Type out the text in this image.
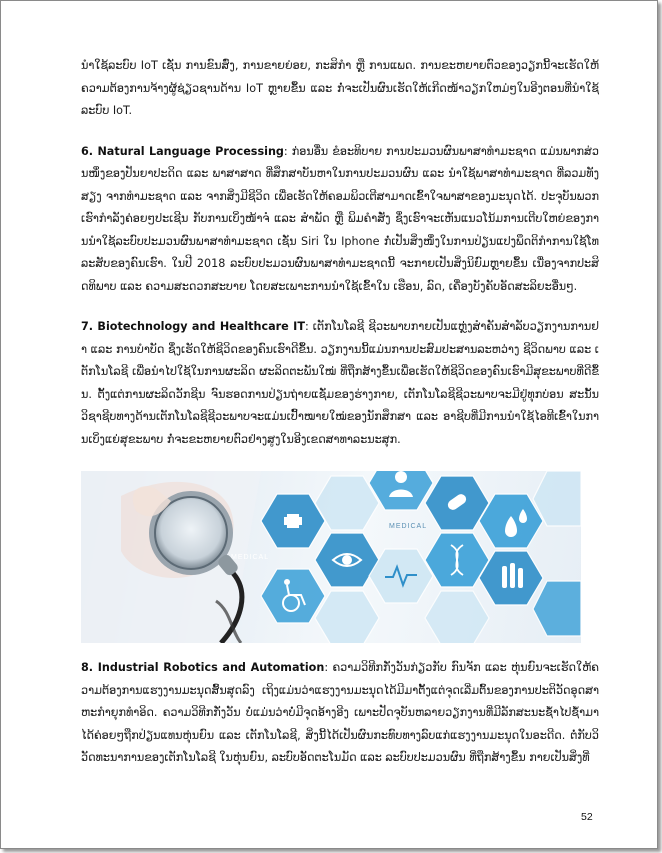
ນຳໃຊ້ລະບົບ IoT ເຊັ່ນ ການຂົນສົ່ງ, ການຂາຍຍ່ອຍ, ກະສິກຳ ຫຼື ການແພດ. ການຂະຫຍາຍຕົວຂອງວຽກນີ້ຈະເຮັດໃຫ້ຄວາມຕ້ອງການຈ້າງຜູ້ຊ່ຽວຊານດ້ານ IoT ຫຼາຍຂຶ້ນ ແລະ ກໍ່ຈະເປັນຜົນເຮັດໃຫ້ເກີດໜ້າວຽກໃຫມ່ໆໃນອີງຕອນທີ່ນຳໃຊ້ລະບົບ IoT.

6. Natural Language Processing: ກ່ອນອື່ນ ຂໍອະທິບາຍ ການປະມວນຜົນພາສາທຳມະຊາດ ແມ່ນພາກສ່ວນໜຶ່ງຂອງປັນຍາປະດິດ ແລະ ພາສາສາດ ທີ່ສຶກສາບັນຫາໃນການປະມວນຜົນ ແລະ ນຳໃຊ້ພາສາທຳມະຊາດ ທີ່ລວມທັງສຽງ ຈາກທຳມະຊາດ ແລະ ຈາກສິ່ງມີຊີວິດ ເພື່ອເຮັດໃຫ້ຄອມພິວເຕີສາມາດເຂົ້າໃຈພາສາຂອງມະນຸດໄດ້. ປະຈຸບັນພວກເຮົາກຳລັງຄ່ອຍໆປະເຊີນ ກັບການເບິ່ງໜ້າຈໍ ແລະ ສຳພັດ ຫຼື ພິມຄຳສັ່ງ ຊຶ່ງເຮົາຈະເຫັນແນວໂນ້ມການເຕີບໃຫຍ່ຂອງການນຳໃຊ້ລະບົບປະມວນຜົນພາສາທຳມະຊາດ ເຊັ່ນ Siri ໃນ Iphone ກໍ່ເປັນສິ່ງໜຶ່ງໃນການປ່ຽນແປງພຶດຕິກຳການໃຊ້ໂທລະສັບຂອງຄົນເຮົາ. ໃນປີ 2018 ລະບົບປະມວນຜົນພາສາທຳມະຊາດນີ້ ຈະກາຍເປັນສິ່ງນິຍົມຫຼາຍຂຶ້ນ ເນື່ອງຈາກປະສິດທິພາບ ແລະ ຄວາມສະດວກສະບາຍ ໂດຍສະເພາະການນຳໃຊ້ເຂົ້າໃນ ເຮືອນ, ລົດ, ເຄື່ອງບັງຄັບອັດສະລິຍະອື່ນໆ.

7. Biotechnology and Healthcare IT: ເຕັກໂນໂລຊີ ຊີວະພາບກາຍເປັນແຫຼ່ງສຳຄັນສຳລັບວຽກງານການຢາ ແລະ ການບຳບັດ ຊຶ່ງເຮັດໃຫ້ຊີວິດຂອງຄົນເຮົາດີຂຶ້ນ. ວຽກງານນີ້ແມ່ນການປະສົມປະສານລະຫວ່າງ ຊີວິດພາບ ແລະ ເຕັກໂນໂລຊີ ເພື່ອນຳໄປໃຊ້ໃນການຜະລິດ ຜະລິດຕະພັນໃໝ່ ທີ່ຖືກສ້າງຂຶ້ນເພື່ອເຮັດໃຫ້ຊີວິດຂອງຄົນເຮົາມີສຸຂະພາບທີ່ດີຂຶ້ນ. ຕັ້ງແຕ່ການຜະລິດວັກຊີນ ຈົນຮອດການປ່ຽນຖ່າຍແຊັ່ມຂອງຮ່າງກາຍ, ເຕັກໂນໂລຊີຊີວະພາບຈະມີຢູ່ທຸກບ່ອນ ສະນັ້ນ ວິຊາຊີບທາງດ້ານເຕັກໂນໂລຊີຊີວະພາບຈະແມ່ນເປົ້າໝາຍໃໝ່ຂອງນັກສຶກສາ ແລະ ອາຊີບທີ່ມີການນຳໃຊ້ໄອທີເຂົ້າໃນການເບິ່ງແຍ່ສຸຂະພາບ ກໍ່ຈະຂະຫຍາຍຕົວຢ່າງສູງໃນອີງເຂດສາທາລະນະສຸກ.

MEDICAL
MEDICAL

8. Industrial Robotics and Automation: ຄວາມວິທີກກັ່ງວັນກ່ຽວກັບ ກົນຈັກ ແລະ ຫຸ່ນຍົນຈະເຮັດໃຫ້ຄວາມຕ້ອງການແຮງງານມະນຸດສົ້ນສຸດລົງ ເຖິງແມ່ນວ່າແຮງງານມະນຸດໄດ້ມີມາຕັ້ງແຕ່ຈຸດເລີ່ມຕົ້ນຂອງການປະຕິວັດອຸດສາຫະກຳຍຸກທຳອິດ. ຄວາມວິທີກກັ່ງວັນ ບໍ່ແມ່ນວ່າບໍ່ມີຈຸດອ້າງອີງ ເພາະປັດຈຸບັນຫລາຍວຽກງານທີ່ມີລັກສະນະຊ້ຳໄປຊ້ຳມາ ໄດ້ຄ່ອຍໆຖືກປ່ຽນແທນຫຸ່ນຍົນ ແລະ ເຕັກໂນໂລຊີ, ສິ່ງນີ້ໄດ້ເປັນຜົນກະທົບທາງລົບແກ່ແຮງງານມະນຸດໃນອະດີດ. ຕໍ່ກັບວິວັດທະນາການຂອງເຕັກໂນໂລຊີ ໃນຫຸ່ນຍົນ, ລະບົບອັດຕະໂນມັດ ແລະ ລະບົບປະມວນຜົນ ທີ່ຖືກສ້າງຂຶ້ນ ກາຍເປັນສິ່ງທີ່

52
